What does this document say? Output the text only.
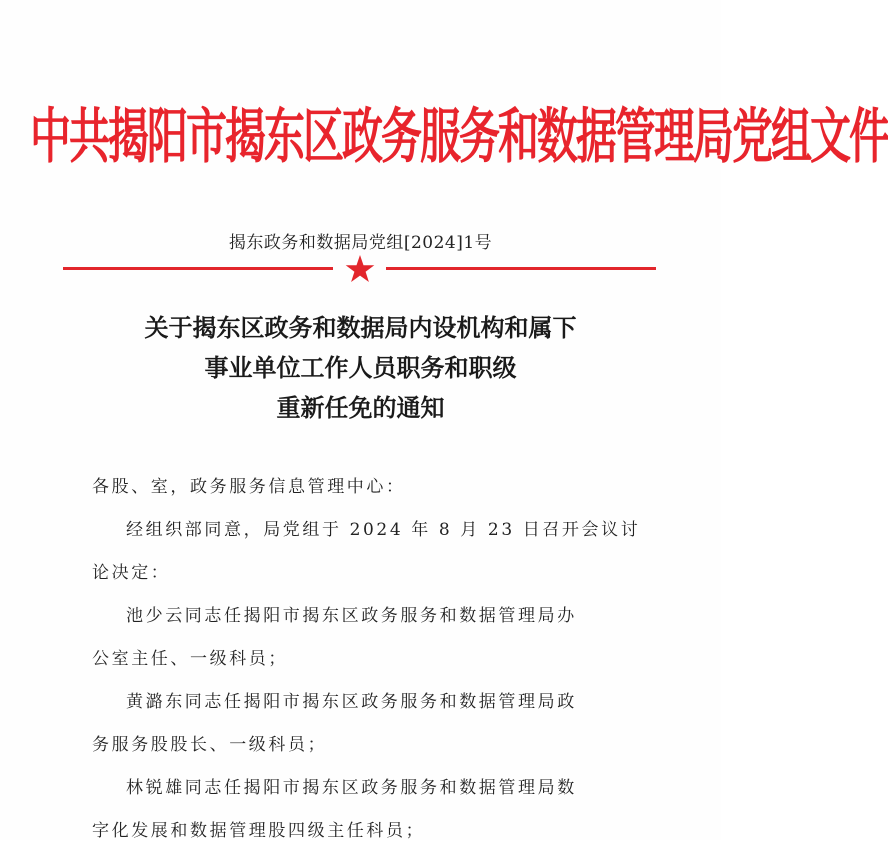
中共揭阳市揭东区政务服务和数据管理局党组文件
揭东政务和数据局党组[2024]1号
关于揭东区政务和数据局内设机构和属下
事业单位工作人员职务和职级
重新任免的通知
各股、室，政务服务信息管理中心：
经组织部同意，局党组于 2024 年 8 月 23 日召开会议讨
论决定：
池少云同志任揭阳市揭东区政务服务和数据管理局办
公室主任、一级科员；
黄潞东同志任揭阳市揭东区政务服务和数据管理局政
务服务股股长、一级科员；
林锐雄同志任揭阳市揭东区政务服务和数据管理局数
字化发展和数据管理股四级主任科员；
